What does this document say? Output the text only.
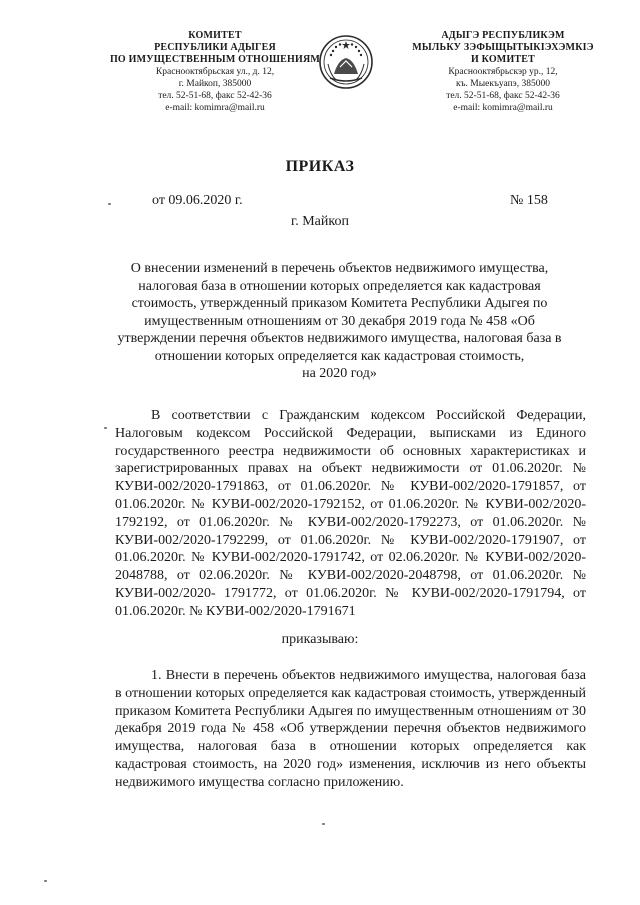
КОМИТЕТ
РЕСПУБЛИКИ АДЫГЕЯ
ПО ИМУЩЕСТВЕННЫМ ОТНОШЕНИЯМ
Краснооктябрьская ул., д. 12,
г. Майкоп, 385000
тел. 52-51-68, факс 52-42-36
e-mail: komimra@mail.ru
АДЫГЭ РЕСПУБЛИКЭМ
МЫЛЬКУ ЗЭФЫЩЫТЫКIЭХЭМКIЭ
И КОМИТЕТ
Краснооктябрьскэр ур., 12,
къ. Мыекъуапэ, 385000
тел. 52-51-68, факс 52-42-36
e-mail: komimra@mail.ru
ПРИКАЗ
от 09.06.2020 г.	№ 158
г. Майкоп
О внесении изменений в перечень объектов недвижимого имущества,
налоговая база в отношении которых определяется как кадастровая
стоимость, утвержденный приказом Комитета Республики Адыгея по
имущественным отношениям от 30 декабря 2019 года № 458 «Об
утверждении перечня объектов недвижимого имущества, налоговая база в
отношении которых определяется как кадастровая стоимость,
на 2020 год»
В соответствии с Гражданским кодексом Российской Федерации, Налоговым кодексом Российской Федерации, выписками из Единого государственного реестра недвижимости об основных характеристиках и зарегистрированных правах на объект недвижимости от 01.06.2020г. № КУВИ-002/2020-1791863, от 01.06.2020г. № КУВИ-002/2020-1791857, от 01.06.2020г. № КУВИ-002/2020-1792152, от 01.06.2020г. № КУВИ-002/2020-1792192, от 01.06.2020г. № КУВИ-002/2020-1792273, от 01.06.2020г. № КУВИ-002/2020-1792299, от 01.06.2020г. № КУВИ-002/2020-1791907, от 01.06.2020г. № КУВИ-002/2020-1791742, от 02.06.2020г. № КУВИ-002/2020-2048788, от 02.06.2020г. № КУВИ-002/2020-2048798, от 01.06.2020г. № КУВИ-002/2020- 1791772, от 01.06.2020г. № КУВИ-002/2020-1791794, от 01.06.2020г. № КУВИ-002/2020-1791671
приказываю:
1. Внести в перечень объектов недвижимого имущества, налоговая база в отношении которых определяется как кадастровая стоимость, утвержденный приказом Комитета Республики Адыгея по имущественным отношениям от 30 декабря 2019 года № 458 «Об утверждении перечня объектов недвижимого имущества, налоговая база в отношении которых определяется как кадастровая стоимость, на 2020 год» изменения, исключив из него объекты недвижимого имущества согласно приложению.
